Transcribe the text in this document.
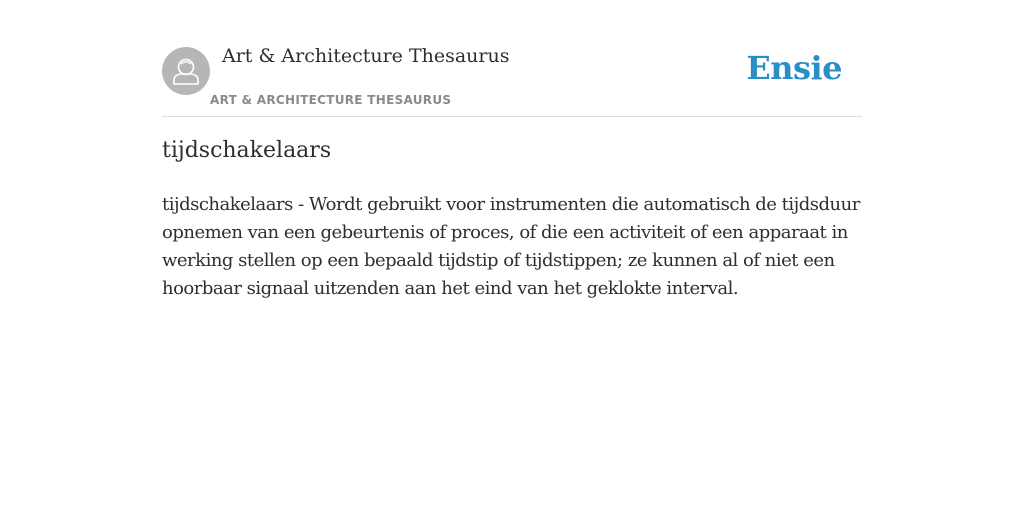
Art & Architecture Thesaurus
ART & ARCHITECTURE THESAURUS
Ensie
tijdschakelaars

tijdschakelaars - Wordt gebruikt voor instrumenten die automatisch de tijdsduur opnemen van een gebeurtenis of proces, of die een activiteit of een apparaat in werking stellen op een bepaald tijdstip of tijdstippen; ze kunnen al of niet een hoorbaar signaal uitzenden aan het eind van het geklokte interval.
